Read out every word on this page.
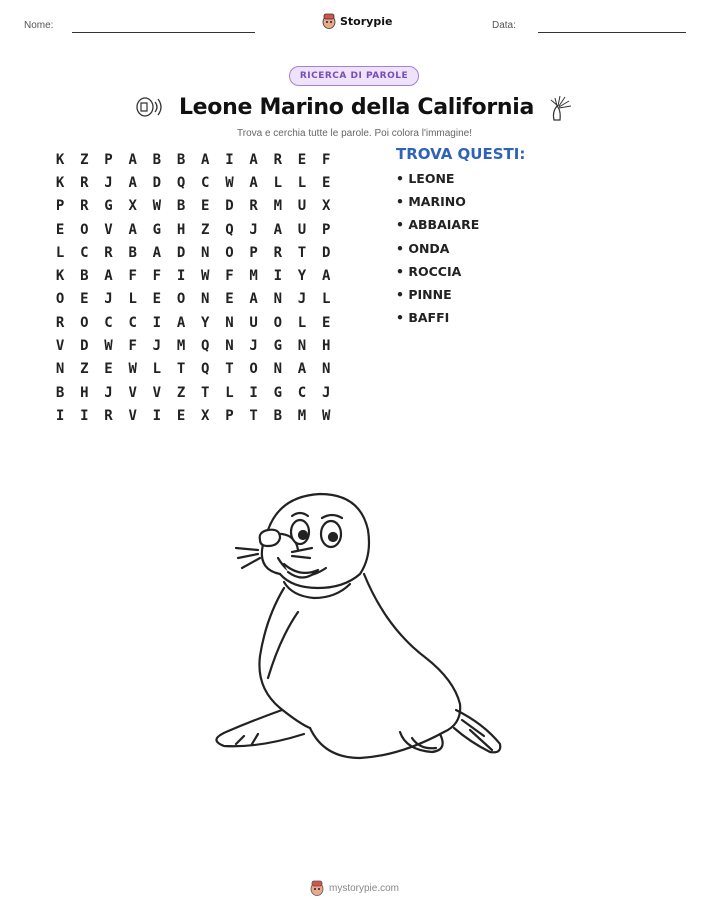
Nome:	Storypie	Data:
RICERCA DI PAROLE
Leone Marino della California
Trova e cerchia tutte le parole. Poi colora l'immagine!
K	Z	P	A	B	B	A	I	A	R	E	F
K	R	J	A	D	Q	C	W	A	L	L	E
P	R	G	X	W	B	E	D	R	M	U	X
E	O	V	A	G	H	Z	Q	J	A	U	P
L	C	R	B	A	D	N	O	P	R	T	D
K	B	A	F	F	I	W	F	M	I	Y	A
O	E	J	L	E	O	N	E	A	N	J	L
R	O	C	C	I	A	Y	N	U	O	L	E
V	D	W	F	J	M	Q	N	J	G	N	H
N	Z	E	W	L	T	Q	T	O	N	A	N
B	H	J	V	V	Z	T	L	I	G	C	J
I	I	R	V	I	E	X	P	T	B	M	W
TROVA QUESTI:
• LEONE
• MARINO
• ABBAIARE
• ONDA
• ROCCIA
• PINNE
• BAFFI
mystorypie.com
